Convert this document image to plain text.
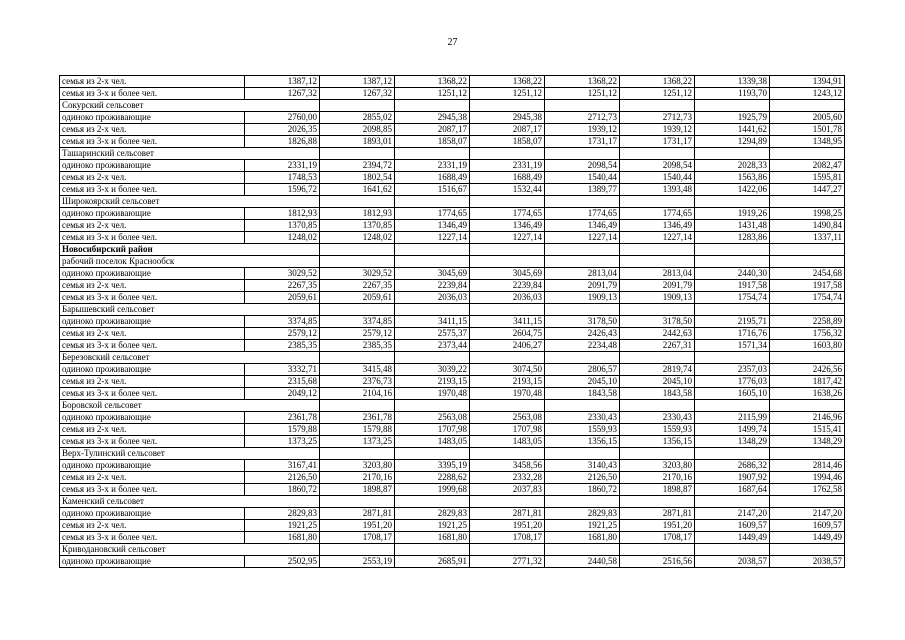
27
семья из 2-х чел.	1387,12	1387,12	1368,22	1368,22	1368,22	1368,22	1339,38	1394,91
семья из 3-х и более чел.	1267,32	1267,32	1251,12	1251,12	1251,12	1251,12	1193,70	1243,12
Сокурский сельсовет								
одиноко проживающие	2760,00	2855,02	2945,38	2945,38	2712,73	2712,73	1925,79	2005,60
семья из 2-х чел.	2026,35	2098,85	2087,17	2087,17	1939,12	1939,12	1441,62	1501,78
семья из 3-х и более чел.	1826,88	1893,01	1858,07	1858,07	1731,17	1731,17	1294,89	1348,95
Ташаринский сельсовет								
одиноко проживающие	2331,19	2394,72	2331,19	2331,19	2098,54	2098,54	2028,33	2082,47
семья из 2-х чел.	1748,53	1802,54	1688,49	1688,49	1540,44	1540,44	1563,86	1595,81
семья из 3-х и более чел.	1596,72	1641,62	1516,67	1532,44	1389,77	1393,48	1422,06	1447,27
Широкоярский сельсовет								
одиноко проживающие	1812,93	1812,93	1774,65	1774,65	1774,65	1774,65	1919,26	1998,25
семья из 2-х чел.	1370,85	1370,85	1346,49	1346,49	1346,49	1346,49	1431,48	1490,84
семья из 3-х и более чел.	1248,02	1248,02	1227,14	1227,14	1227,14	1227,14	1283,86	1337,11
Новосибирский район								
рабочий поселок Краснообск								
одиноко проживающие	3029,52	3029,52	3045,69	3045,69	2813,04	2813,04	2440,30	2454,68
семья из 2-х чел.	2267,35	2267,35	2239,84	2239,84	2091,79	2091,79	1917,58	1917,58
семья из 3-х и более чел.	2059,61	2059,61	2036,03	2036,03	1909,13	1909,13	1754,74	1754,74
Барышевский сельсовет								
одиноко проживающие	3374,85	3374,85	3411,15	3411,15	3178,50	3178,50	2195,71	2258,89
семья из 2-х чел.	2579,12	2579,12	2575,37	2604,75	2426,43	2442,63	1716,76	1756,32
семья из 3-х и более чел.	2385,35	2385,35	2373,44	2406,27	2234,48	2267,31	1571,34	1603,80
Березовский сельсовет								
одиноко проживающие	3332,71	3415,48	3039,22	3074,50	2806,57	2819,74	2357,03	2426,56
семья из 2-х чел.	2315,68	2376,73	2193,15	2193,15	2045,10	2045,10	1776,03	1817,42
семья из 3-х и более чел.	2049,12	2104,16	1970,48	1970,48	1843,58	1843,58	1605,10	1638,26
Боровской сельсовет								
одиноко проживающие	2361,78	2361,78	2563,08	2563,08	2330,43	2330,43	2115,99	2146,96
семья из 2-х чел.	1579,88	1579,88	1707,98	1707,98	1559,93	1559,93	1499,74	1515,41
семья из 3-х и более чел.	1373,25	1373,25	1483,05	1483,05	1356,15	1356,15	1348,29	1348,29
Верх-Тулинский сельсовет								
одиноко проживающие	3167,41	3203,80	3395,19	3458,56	3140,43	3203,80	2686,32	2814,46
семья из 2-х чел.	2126,50	2170,16	2288,62	2332,28	2126,50	2170,16	1907,92	1994,46
семья из 3-х и более чел.	1860,72	1898,87	1999,68	2037,83	1860,72	1898,87	1687,64	1762,58
Каменский сельсовет								
одиноко проживающие	2829,83	2871,81	2829,83	2871,81	2829,83	2871,81	2147,20	2147,20
семья из 2-х чел.	1921,25	1951,20	1921,25	1951,20	1921,25	1951,20	1609,57	1609,57
семья из 3-х и более чел.	1681,80	1708,17	1681,80	1708,17	1681,80	1708,17	1449,49	1449,49
Криводановский сельсовет								
одиноко проживающие	2502,95	2553,19	2685,91	2771,32	2440,58	2516,56	2038,57	2038,57
